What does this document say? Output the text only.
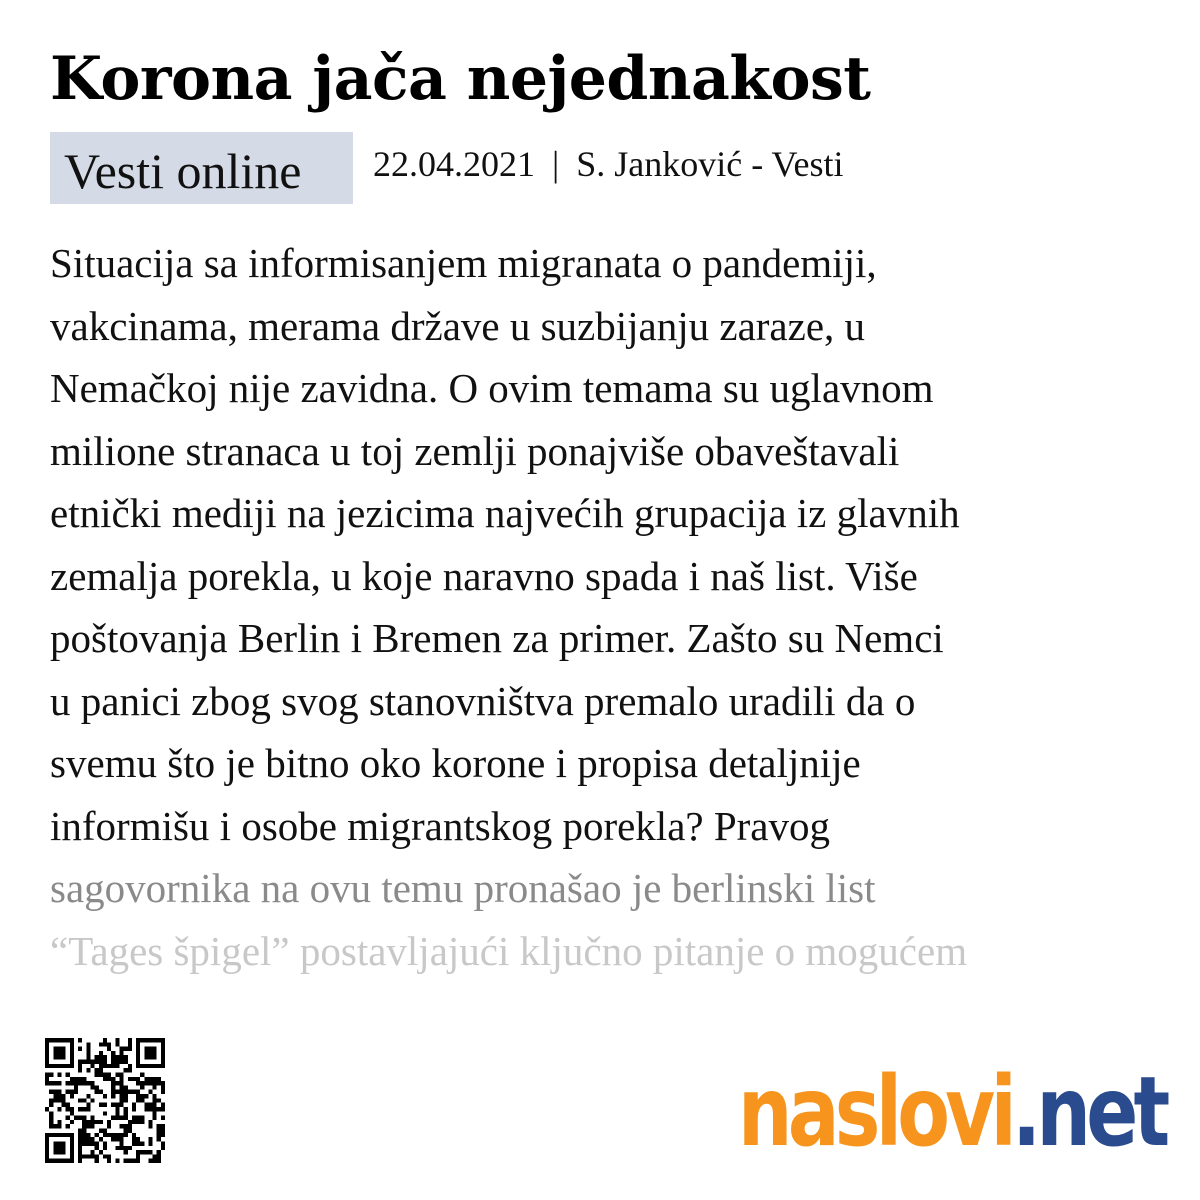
Korona jača nejednakost
Vesti online	22.04.2021 | S. Janković - Vesti
Situacija sa informisanjem migranata o pandemiji,
vakcinama, merama države u suzbijanju zaraze, u
Nemačkoj nije zavidna. O ovim temama su uglavnom
milione stranaca u toj zemlji ponajviše obaveštavali
etnički mediji na jezicima najvećih grupacija iz glavnih
zemalja porekla, u koje naravno spada i naš list. Više
poštovanja Berlin i Bremen za primer. Zašto su Nemci
u panici zbog svog stanovništva premalo uradili da o
svemu što je bitno oko korone i propisa detaljnije
informišu i osobe migrantskog porekla? Pravog
sagovornika na ovu temu pronašao je berlinski list
“Tages špigel” postavljajući ključno pitanje o mogućem
naslovi.net
